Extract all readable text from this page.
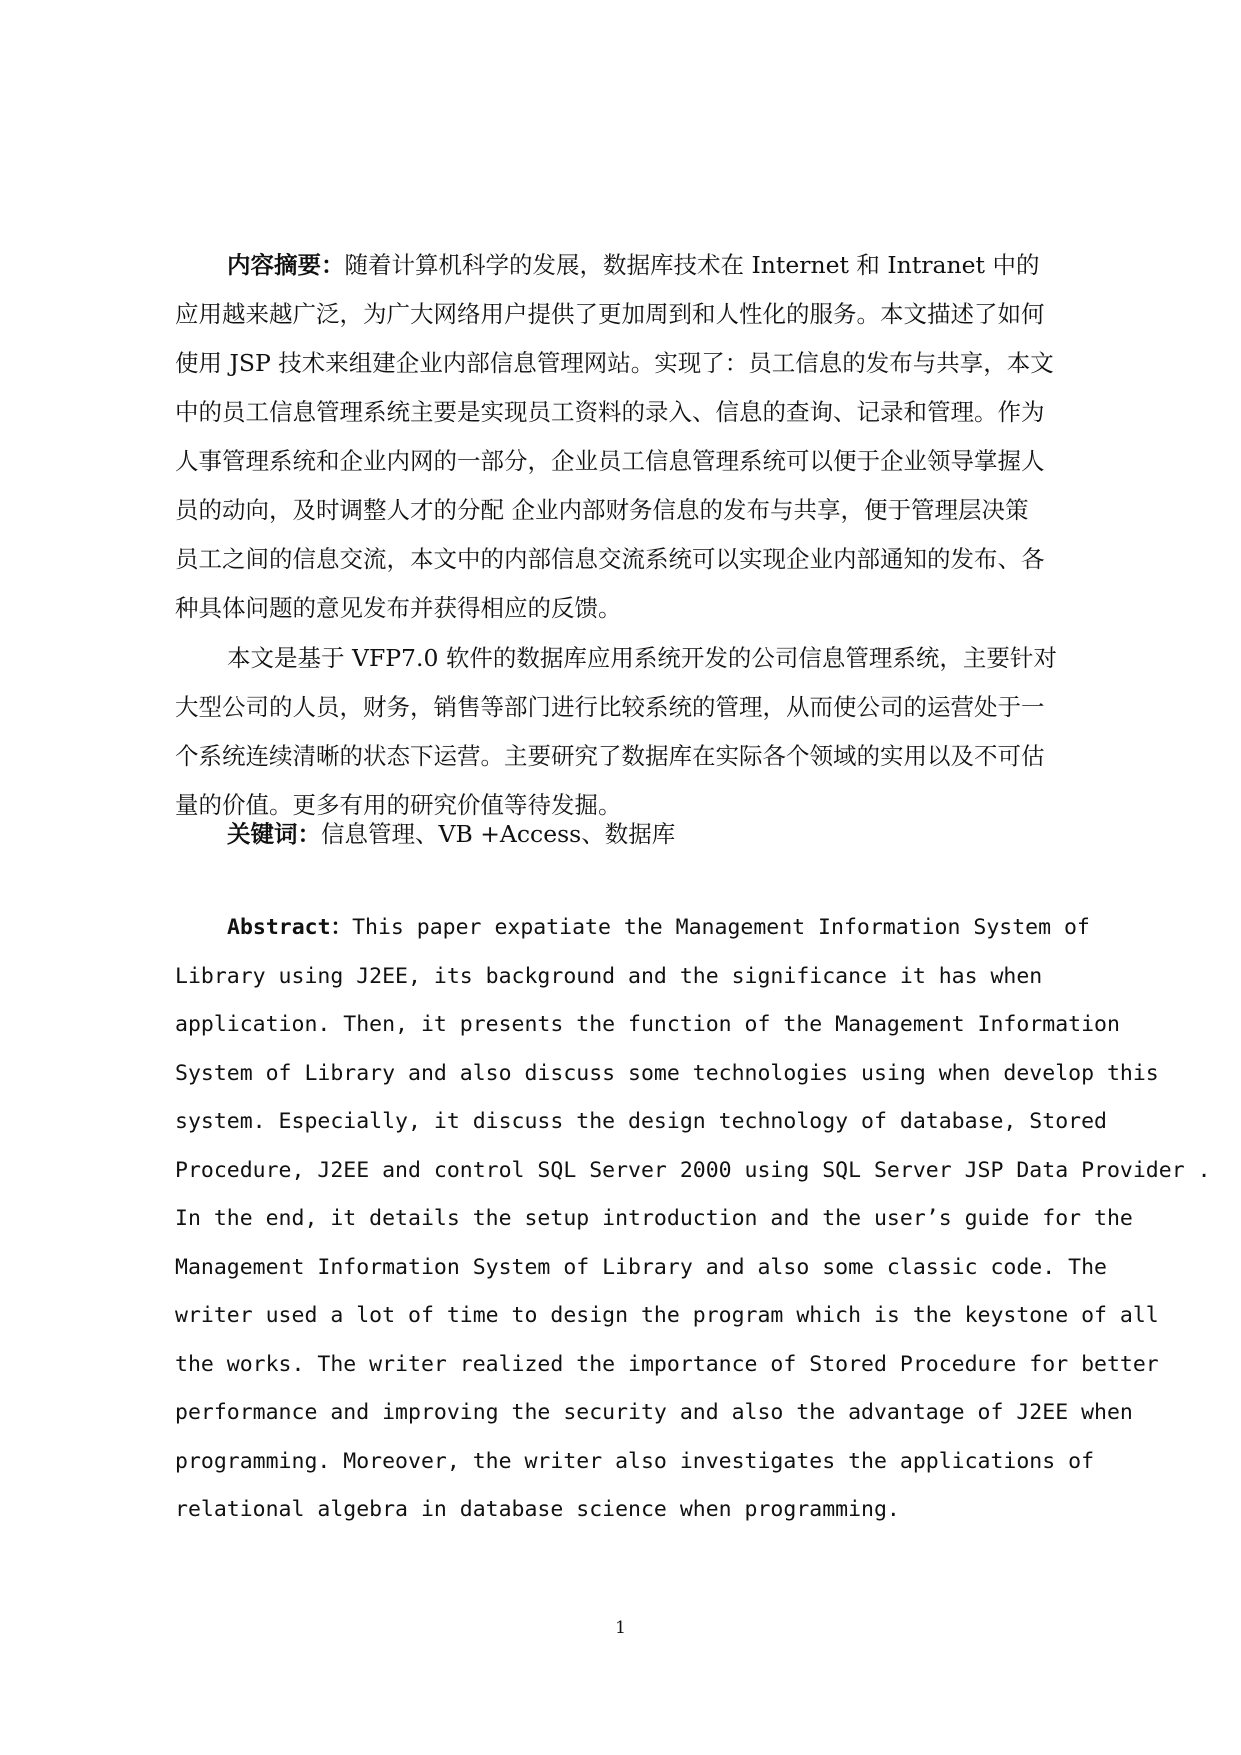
内容摘要：随着计算机科学的发展，数据库技术在 Internet 和 Intranet 中的
应用越来越广泛，为广大网络用户提供了更加周到和人性化的服务。本文描述了如何
使用 JSP 技术来组建企业内部信息管理网站。实现了：员工信息的发布与共享，本文
中的员工信息管理系统主要是实现员工资料的录入、信息的查询、记录和管理。作为
人事管理系统和企业内网的一部分，企业员工信息管理系统可以便于企业领导掌握人
员的动向，及时调整人才的分配 企业内部财务信息的发布与共享，便于管理层决策
员工之间的信息交流，本文中的内部信息交流系统可以实现企业内部通知的发布、各
种具体问题的意见发布并获得相应的反馈。
本文是基于 VFP7.0 软件的数据库应用系统开发的公司信息管理系统，主要针对
大型公司的人员，财务，销售等部门进行比较系统的管理，从而使公司的运营处于一
个系统连续清晰的状态下运营。主要研究了数据库在实际各个领域的实用以及不可估
量的价值。更多有用的研究价值等待发掘。
关键词：信息管理、VB +Access、数据库
Abstract：This paper expatiate the Management Information System of
Library using J2EE, its background and the significance it has when
application. Then, it presents the function of the Management Information
System of Library and also discuss some technologies using when develop this
system. Especially, it discuss the design technology of database, Stored
Procedure, J2EE and control SQL Server 2000 using SQL Server JSP Data Provider .
In the end, it details the setup introduction and the user’s guide for the
Management Information System of Library and also some classic code. The
writer used a lot of time to design the program which is the keystone of all
the works. The writer realized the importance of Stored Procedure for better
performance and improving the security and also the advantage of J2EE when
programming. Moreover, the writer also investigates the applications of
relational algebra in database science when programming.
1
